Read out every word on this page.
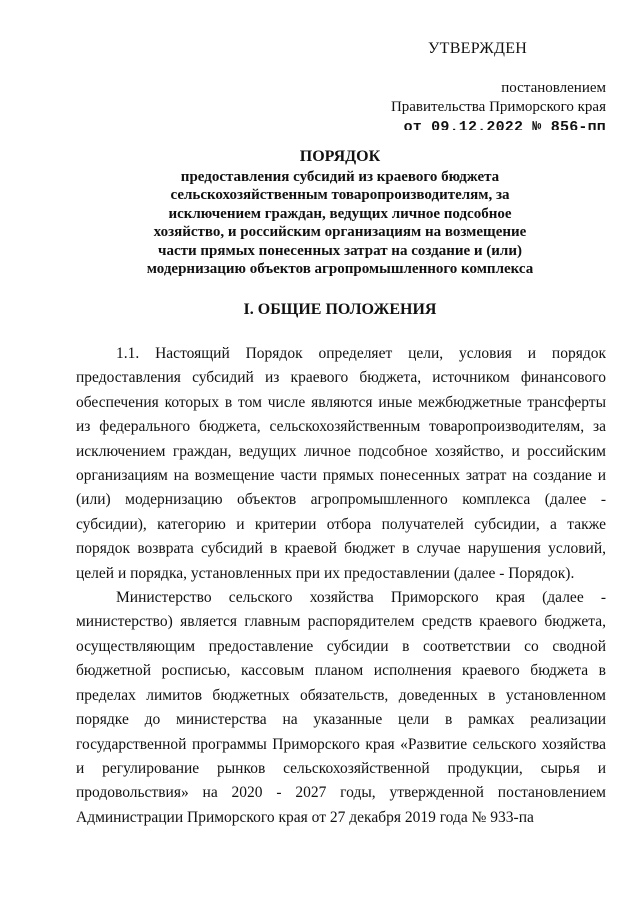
УТВЕРЖДЕН
постановлением
Правительства Приморского края
от 09.12.2022 № 856-пп
ПОРЯДОК
предоставления субсидий из краевого бюджета
сельскохозяйственным товаропроизводителям, за
исключением граждан, ведущих личное подсобное
хозяйство, и российским организациям на возмещение
части прямых понесенных затрат на создание и (или)
модернизацию объектов агропромышленного комплекса
I. ОБЩИЕ ПОЛОЖЕНИЯ

1.1. Настоящий Порядок определяет цели, условия и порядок предоставления субсидий из краевого бюджета, источником финансового обеспечения которых в том числе являются иные межбюджетные трансферты из федерального бюджета, сельскохозяйственным товаропроизводителям, за исключением граждан, ведущих личное подсобное хозяйство, и российским организациям на возмещение части прямых понесенных затрат на создание и (или) модернизацию объектов агропромышленного комплекса (далее - субсидии), категорию и критерии отбора получателей субсидии, а также порядок возврата субсидий в краевой бюджет в случае нарушения условий, целей и порядка, установленных при их предоставлении (далее - Порядок).

Министерство сельского хозяйства Приморского края (далее - министерство) является главным распорядителем средств краевого бюджета, осуществляющим предоставление субсидии в соответствии со сводной бюджетной росписью, кассовым планом исполнения краевого бюджета в пределах лимитов бюджетных обязательств, доведенных в установленном порядке до министерства на указанные цели в рамках реализации государственной программы Приморского края «Развитие сельского хозяйства и регулирование рынков сельскохозяйственной продукции, сырья и продовольствия» на 2020 - 2027 годы, утвержденной постановлением Администрации Приморского края от 27 декабря 2019 года № 933-па
